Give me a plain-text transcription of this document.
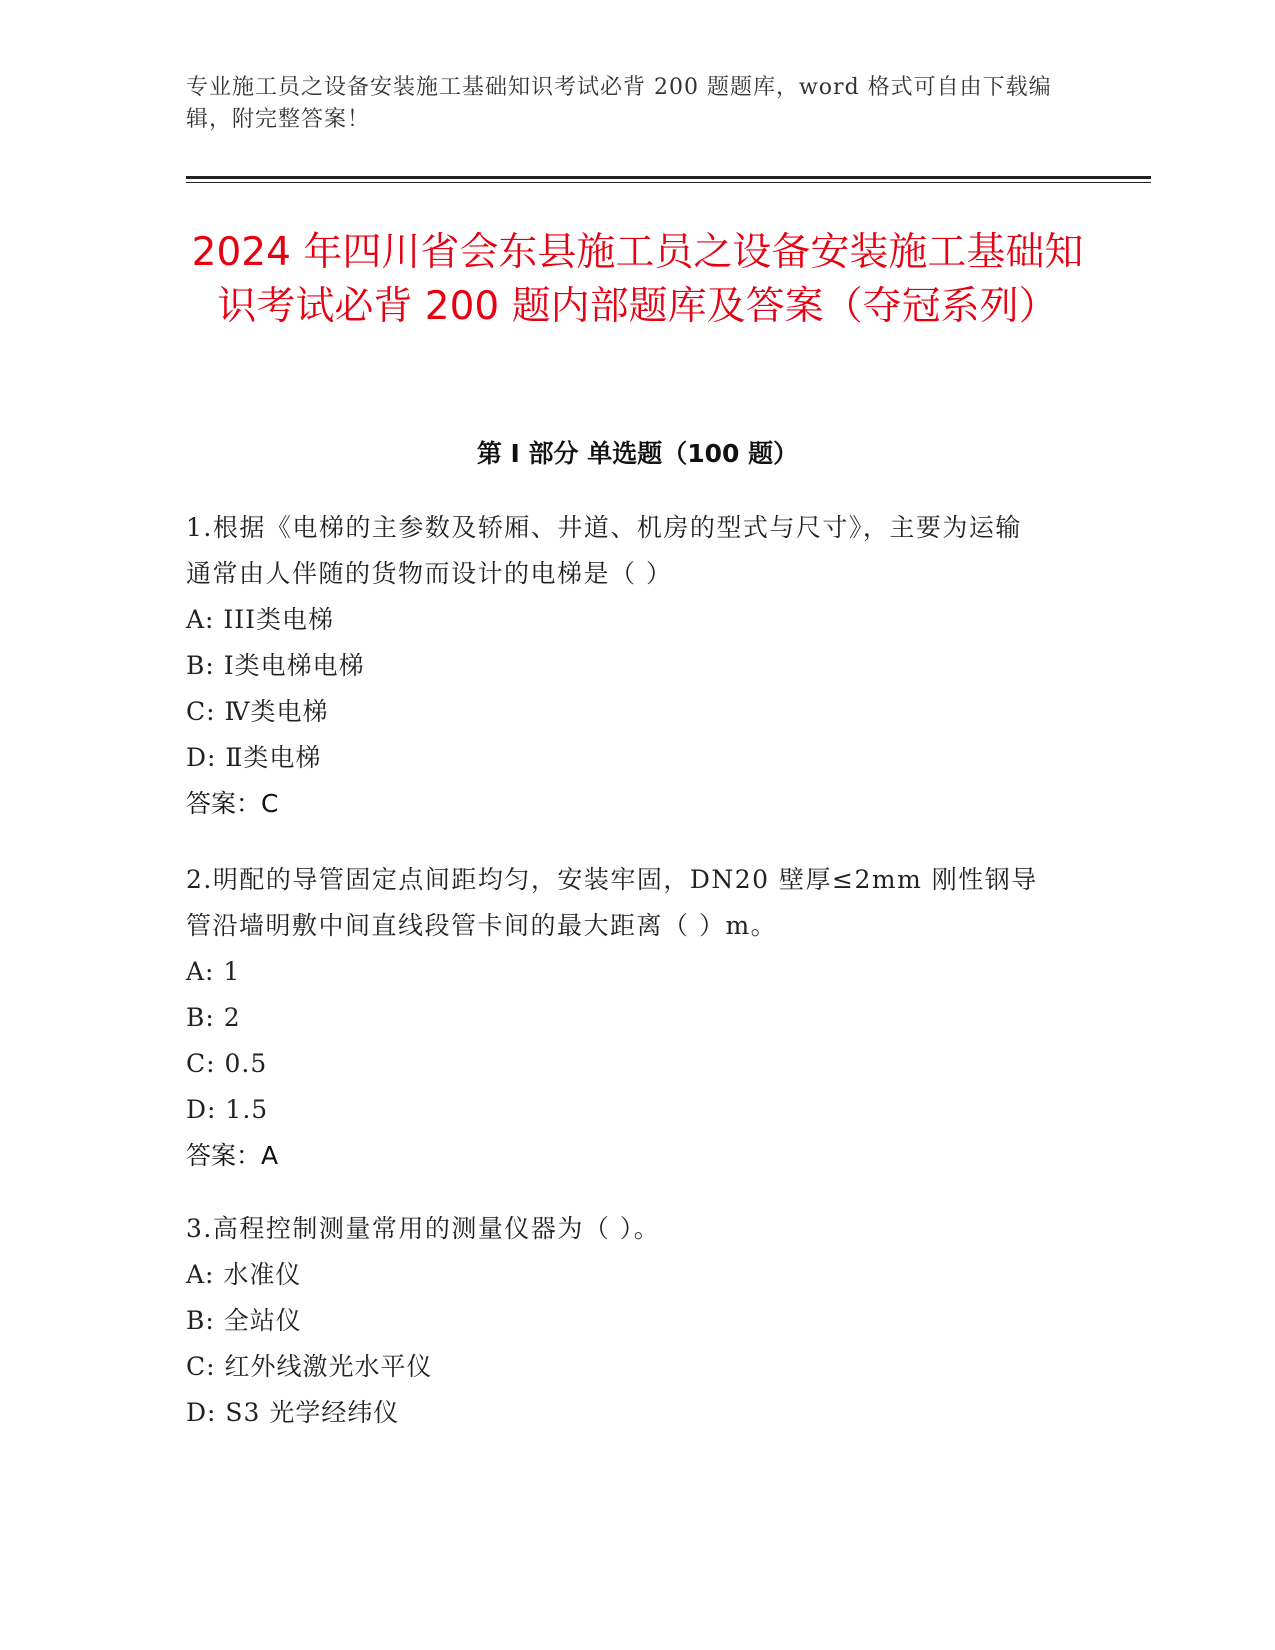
专业施工员之设备安装施工基础知识考试必背 200 题题库，word 格式可自由下载编辑，附完整答案！
2024 年四川省会东县施工员之设备安装施工基础知识考试必背 200 题内部题库及答案（夺冠系列）
第 I 部分 单选题（100 题）

1.根据《电梯的主参数及轿厢、井道、机房的型式与尺寸》，主要为运输通常由人伴随的货物而设计的电梯是（ ）

A: III类电梯

B: Ⅰ类电梯电梯

C: Ⅳ类电梯

D: Ⅱ类电梯

答案：C

2.明配的导管固定点间距均匀，安装牢固，DN20 壁厚≤2mm 刚性钢导管沿墙明敷中间直线段管卡间的最大距离（ ）m。

A: 1

B: 2

C: 0.5

D: 1.5

答案：A

3.高程控制测量常用的测量仪器为（ ）。

A: 水准仪

B: 全站仪

C: 红外线激光水平仪

D: S3 光学经纬仪
